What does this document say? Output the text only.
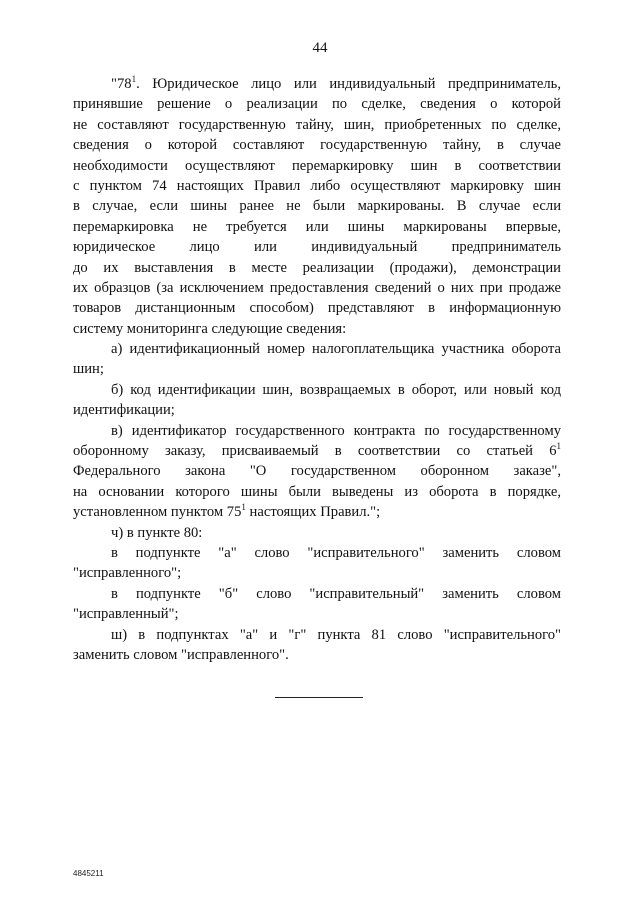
44
"$78^1$. Юридическое лицо или индивидуальный предприниматель,
принявшие решение о реализации по сделке, сведения о которой
не составляют государственную тайну, шин, приобретенных по сделке,
сведения о которой составляют государственную тайну, в случае
необходимости осуществляют перемаркировку шин в соответствии
с пунктом 74 настоящих Правил либо осуществляют маркировку шин
в случае, если шины ранее не были маркированы. В случае если
перемаркировка не требуется или шины маркированы впервые,
юридическое лицо или индивидуальный предприниматель
до их выставления в месте реализации (продажи), демонстрации
их образцов (за исключением предоставления сведений о них при продаже
товаров дистанционным способом) представляют в информационную
систему мониторинга следующие сведения:
а) идентификационный номер налогоплательщика участника оборота
шин;
б) код идентификации шин, возвращаемых в оборот, или новый код
идентификации;
в) идентификатор государственного контракта по государственному
оборонному заказу, присваиваемый в соответствии со статьей $6^1$
Федерального закона "О государственном оборонном заказе",
на основании которого шины были выведены из оборота в порядке,
установленном пунктом $75^1$ настоящих Правил.";
ч) в пункте 80:
в подпункте "а" слово "исправительного" заменить словом
"исправленного";
в подпункте "б" слово "исправительный" заменить словом
"исправленный";
ш) в подпунктах "а" и "г" пункта 81 слово "исправительного"
заменить словом "исправленного".
4845211
